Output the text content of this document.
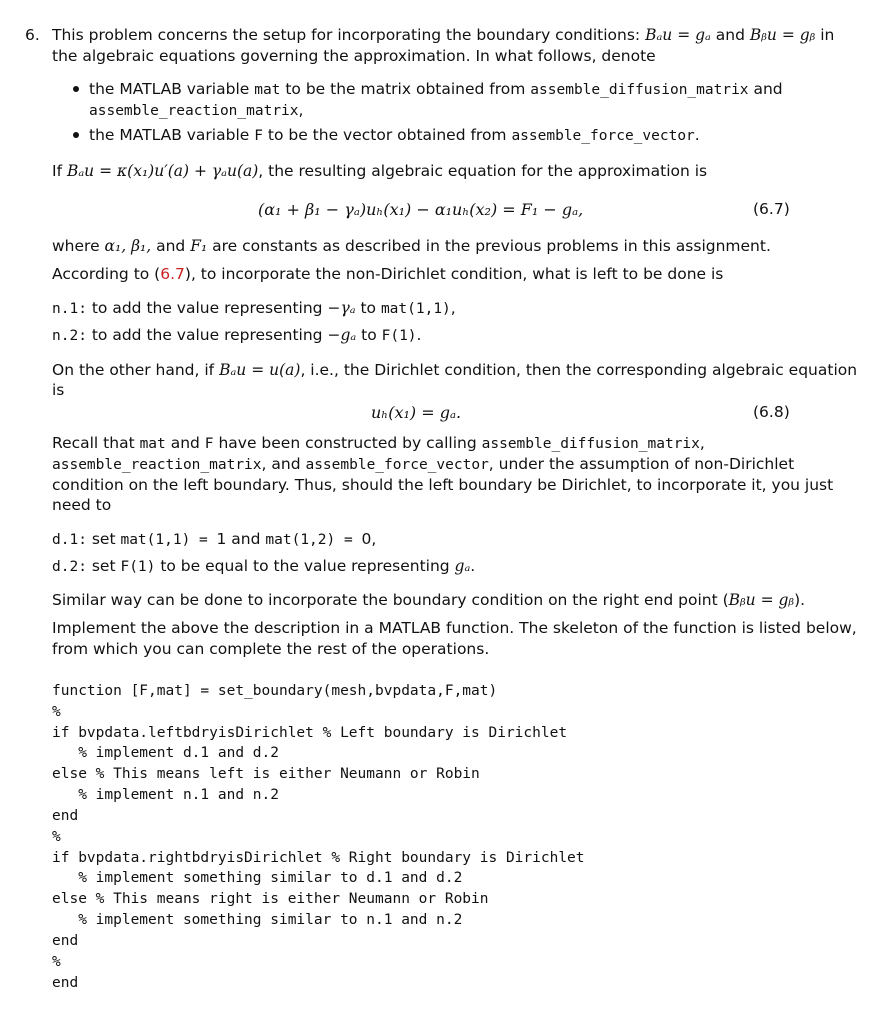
6. This problem concerns the setup for incorporating the boundary conditions: Bₐu = gₐ and Bᵦu = gᵦ in
the algebraic equations governing the approximation. In what follows, denote
the MATLAB variable mat to be the matrix obtained from assemble_diffusion_matrix and
assemble_reaction_matrix,
the MATLAB variable F to be the vector obtained from assemble_force_vector.
If Bₐu = κ(x₁)u′(a) + γₐu(a), the resulting algebraic equation for the approximation is
(α₁ + β₁ − γₐ)uₕ(x₁) − α₁uₕ(x₂) = F₁ − gₐ,	(6.7)
where α₁, β₁, and F₁ are constants as described in the previous problems in this assignment.
According to (6.7), to incorporate the non-Dirichlet condition, what is left to be done is
n.1: to add the value representing −γₐ to mat(1,1),
n.2: to add the value representing −gₐ to F(1).
On the other hand, if Bₐu = u(a), i.e., the Dirichlet condition, then the corresponding algebraic equation
is
uₕ(x₁) = gₐ.	(6.8)
Recall that mat and F have been constructed by calling assemble_diffusion_matrix,
assemble_reaction_matrix, and assemble_force_vector, under the assumption of non-Dirichlet
condition on the left boundary. Thus, should the left boundary be Dirichlet, to incorporate it, you just
need to
d.1: set mat(1,1) = 1 and mat(1,2) = 0,
d.2: set F(1) to be equal to the value representing gₐ.
Similar way can be done to incorporate the boundary condition on the right end point (Bᵦu = gᵦ).
Implement the above the description in a MATLAB function. The skeleton of the function is listed below,
from which you can complete the rest of the operations.
function [F,mat] = set_boundary(mesh,bvpdata,F,mat)
%
if bvpdata.leftbdryisDirichlet % Left boundary is Dirichlet
% implement d.1 and d.2
else % This means left is either Neumann or Robin
% implement n.1 and n.2
end
%
if bvpdata.rightbdryisDirichlet % Right boundary is Dirichlet
% implement something similar to d.1 and d.2
else % This means right is either Neumann or Robin
% implement something similar to n.1 and n.2
end
%
end
